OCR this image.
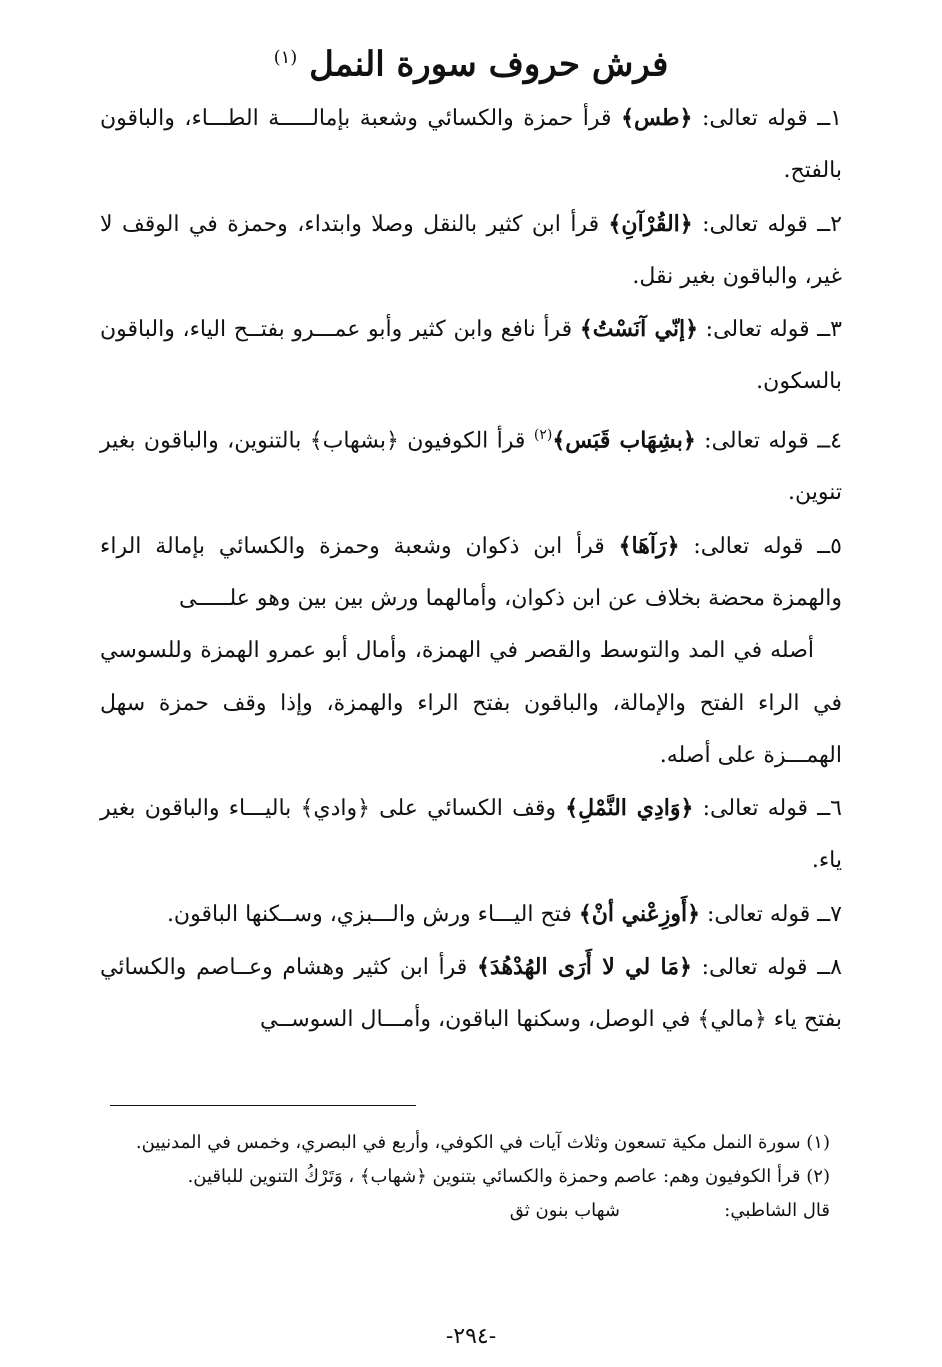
فرش حروف سورة النمل $^{(١)}$

١ــ قوله تعالى: ﴿طس﴾ قرأ حمزة والكسائي وشعبة بإمالـــــة الطـــاء، والباقون بالفتح.

٢ــ قوله تعالى: ﴿القُرْآنِ﴾ قرأ ابن كثير بالنقل وصلا وابتداء، وحمزة في الوقف لا غير، والباقون بغير نقل.

٣ــ قوله تعالى: ﴿إنّي آنَسْتُ﴾ قرأ نافع وابن كثير وأبو عمـــرو بفتــح الياء، والباقون بالسكون.

٤ــ قوله تعالى: ﴿بشِهَاب قَبَس﴾$^{(٢)}$ قرأ الكوفيون ﴿بشهاب﴾ بالتنوين، والباقون بغير تنوين.

٥ــ قوله تعالى: ﴿رَآهَا﴾ قرأ ابن ذكوان وشعبة وحمزة والكسائي بإمالة الراء والهمزة محضة بخلاف عن ابن ذكوان، وأمالهما ورش بين بين وهو علـــــى

أصله في المد والتوسط والقصر في الهمزة، وأمال أبو عمرو الهمزة وللسوسي في الراء الفتح والإمالة، والباقون بفتح الراء والهمزة، وإذا وقف حمزة سهل الهمـــزة على أصله.

٦ــ قوله تعالى: ﴿وَادِي النَّمْلِ﴾ وقف الكسائي على ﴿وادي﴾ باليـــاء والباقون بغير ياء.

٧ــ قوله تعالى: ﴿أَوزِعْني أنْ﴾ فتح اليـــاء ورش والـــبزي، وســكنها الباقون.

٨ــ قوله تعالى: ﴿مَا لي لا أَرَى الهُدْهُدَ﴾ قرأ ابن كثير وهشام وعــاصم والكسائي بفتح ياء ﴿مالي﴾ في الوصل، وسكنها الباقون، وأمـــال السوســي

(١) سورة النمل مكية تسعون وثلاث آيات في الكوفي، وأربع في البصري، وخمس في المدنيين.

(٢) قرأ الكوفيون وهم: عاصم وحمزة والكسائي بتنوين ﴿شهاب﴾ ، وَتَرْكُ التنوين للباقين.

قال الشاطبي:
شهاب بنون ثق
-٢٩٤-
